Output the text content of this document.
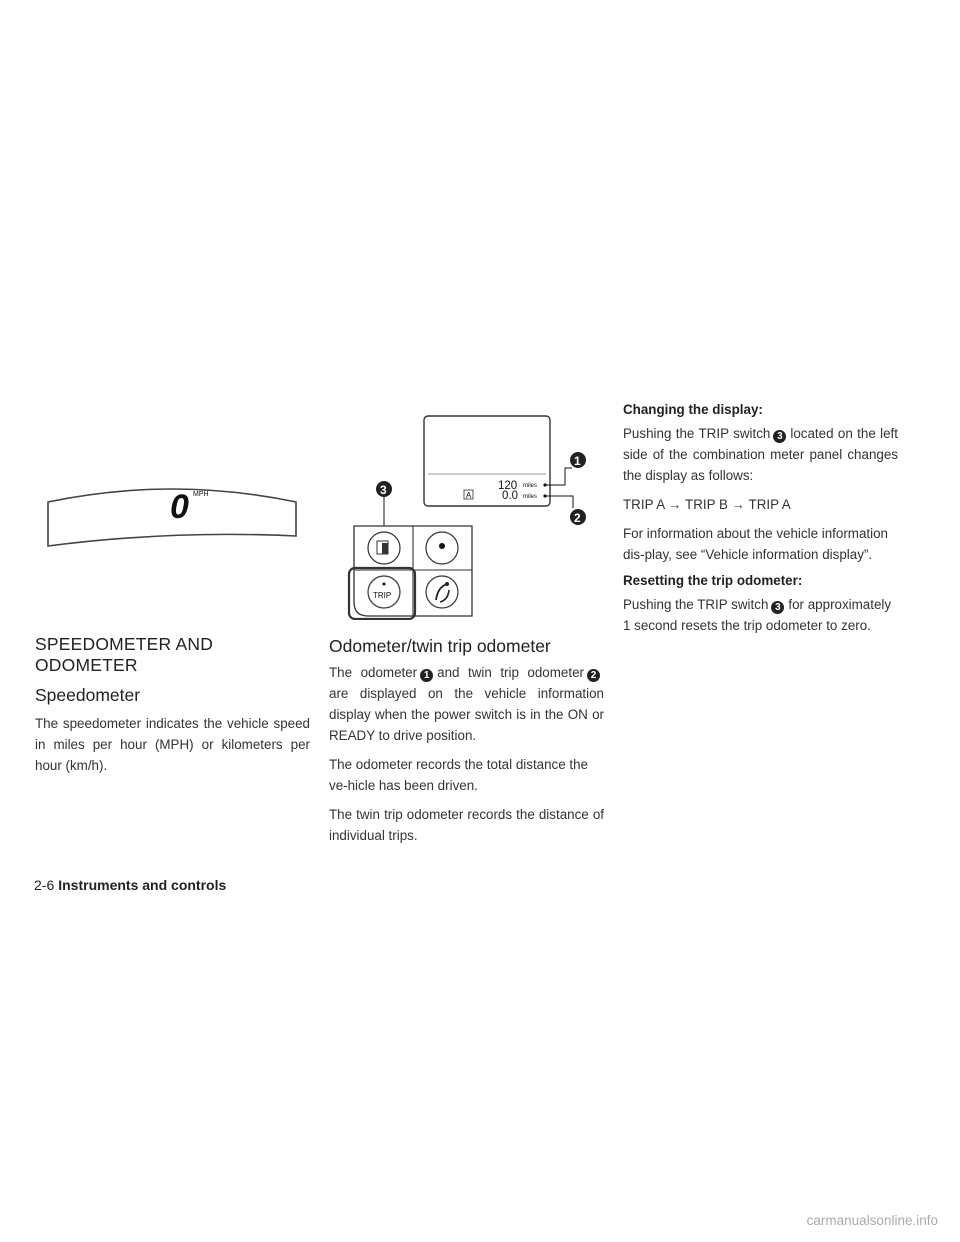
0 MPH	A
120 miles
0.0 miles
1
2
3
TRIP
SPEEDOMETER AND ODOMETER
Speedometer

The speedometer indicates the vehicle speed in miles per hour (MPH) or kilometers per hour (km/h).

Odometer/twin trip odometer

The odometer 1 and twin trip odometer 2are displayed on the vehicle information display when the power switch is in the ON or READY to drive position.

The odometer records the total distance the ve-hicle has been driven.

The twin trip odometer records the distance of individual trips.

Changing the display:

Pushing the TRIP switch 3 located on the left side of the combination meter panel changes the display as follows:

TRIP A → TRIP B → TRIP A

For information about the vehicle information dis-play, see “Vehicle information display”.

Resetting the trip odometer:

Pushing the TRIP switch 3 for approximately 1 second resets the trip odometer to zero.

2-6 Instruments and controls
carmanualsonline.info
